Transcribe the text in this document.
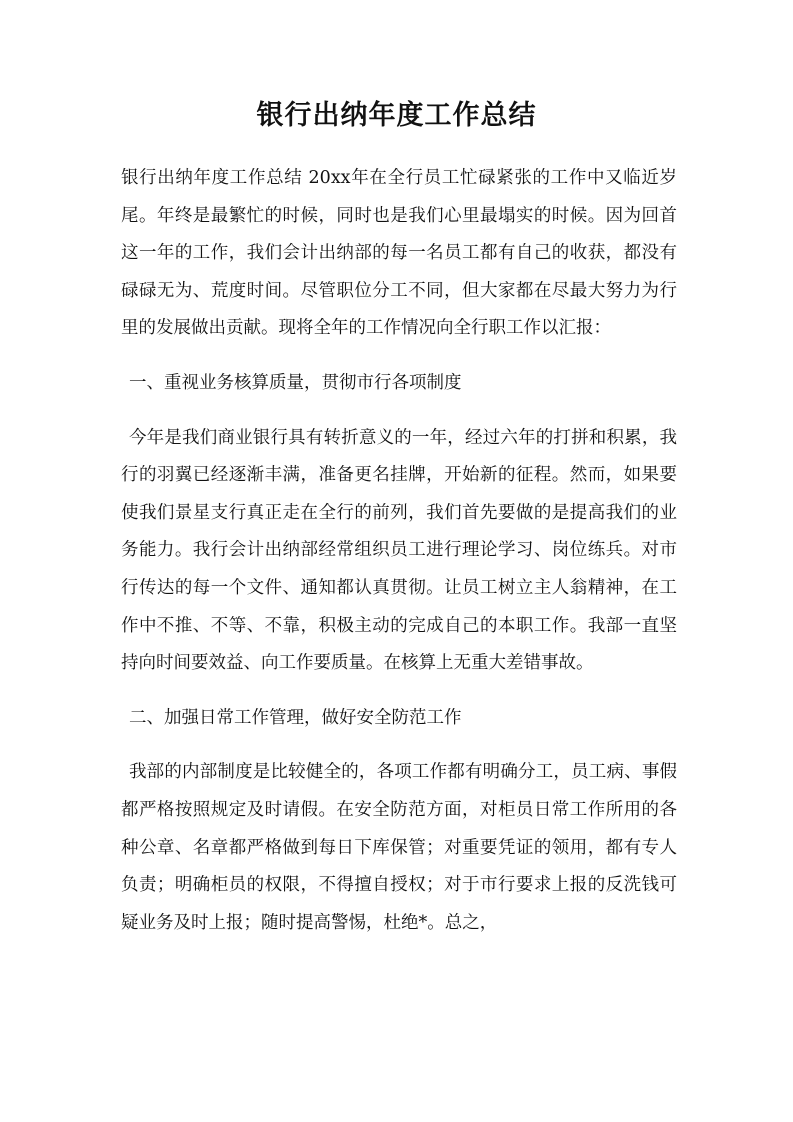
银行出纳年度工作总结

银行出纳年度工作总结 20xx年在全行员工忙碌紧张的工作中又临近岁尾。年终是最繁忙的时候，同时也是我们心里最塌实的时候。因为回首这一年的工作，我们会计出纳部的每一名员工都有自己的收获，都没有碌碌无为、荒度时间。尽管职位分工不同，但大家都在尽最大努力为行里的发展做出贡献。现将全年的工作情况向全行职工作以汇报：

一、重视业务核算质量，贯彻市行各项制度

今年是我们商业银行具有转折意义的一年，经过六年的打拼和积累，我行的羽翼已经逐渐丰满，准备更名挂牌，开始新的征程。然而，如果要使我们景星支行真正走在全行的前列，我们首先要做的是提高我们的业务能力。我行会计出纳部经常组织员工进行理论学习、岗位练兵。对市行传达的每一个文件、通知都认真贯彻。让员工树立主人翁精神，在工作中不推、不等、不靠，积极主动的完成自己的本职工作。我部一直坚持向时间要效益、向工作要质量。在核算上无重大差错事故。

二、加强日常工作管理，做好安全防范工作

我部的内部制度是比较健全的，各项工作都有明确分工，员工病、事假都严格按照规定及时请假。在安全防范方面，对柜员日常工作所用的各种公章、名章都严格做到每日下库保管；对重要凭证的领用，都有专人负责；明确柜员的权限，不得擅自授权；对于市行要求上报的反洗钱可疑业务及时上报；随时提高警惕，杜绝*。总之，
